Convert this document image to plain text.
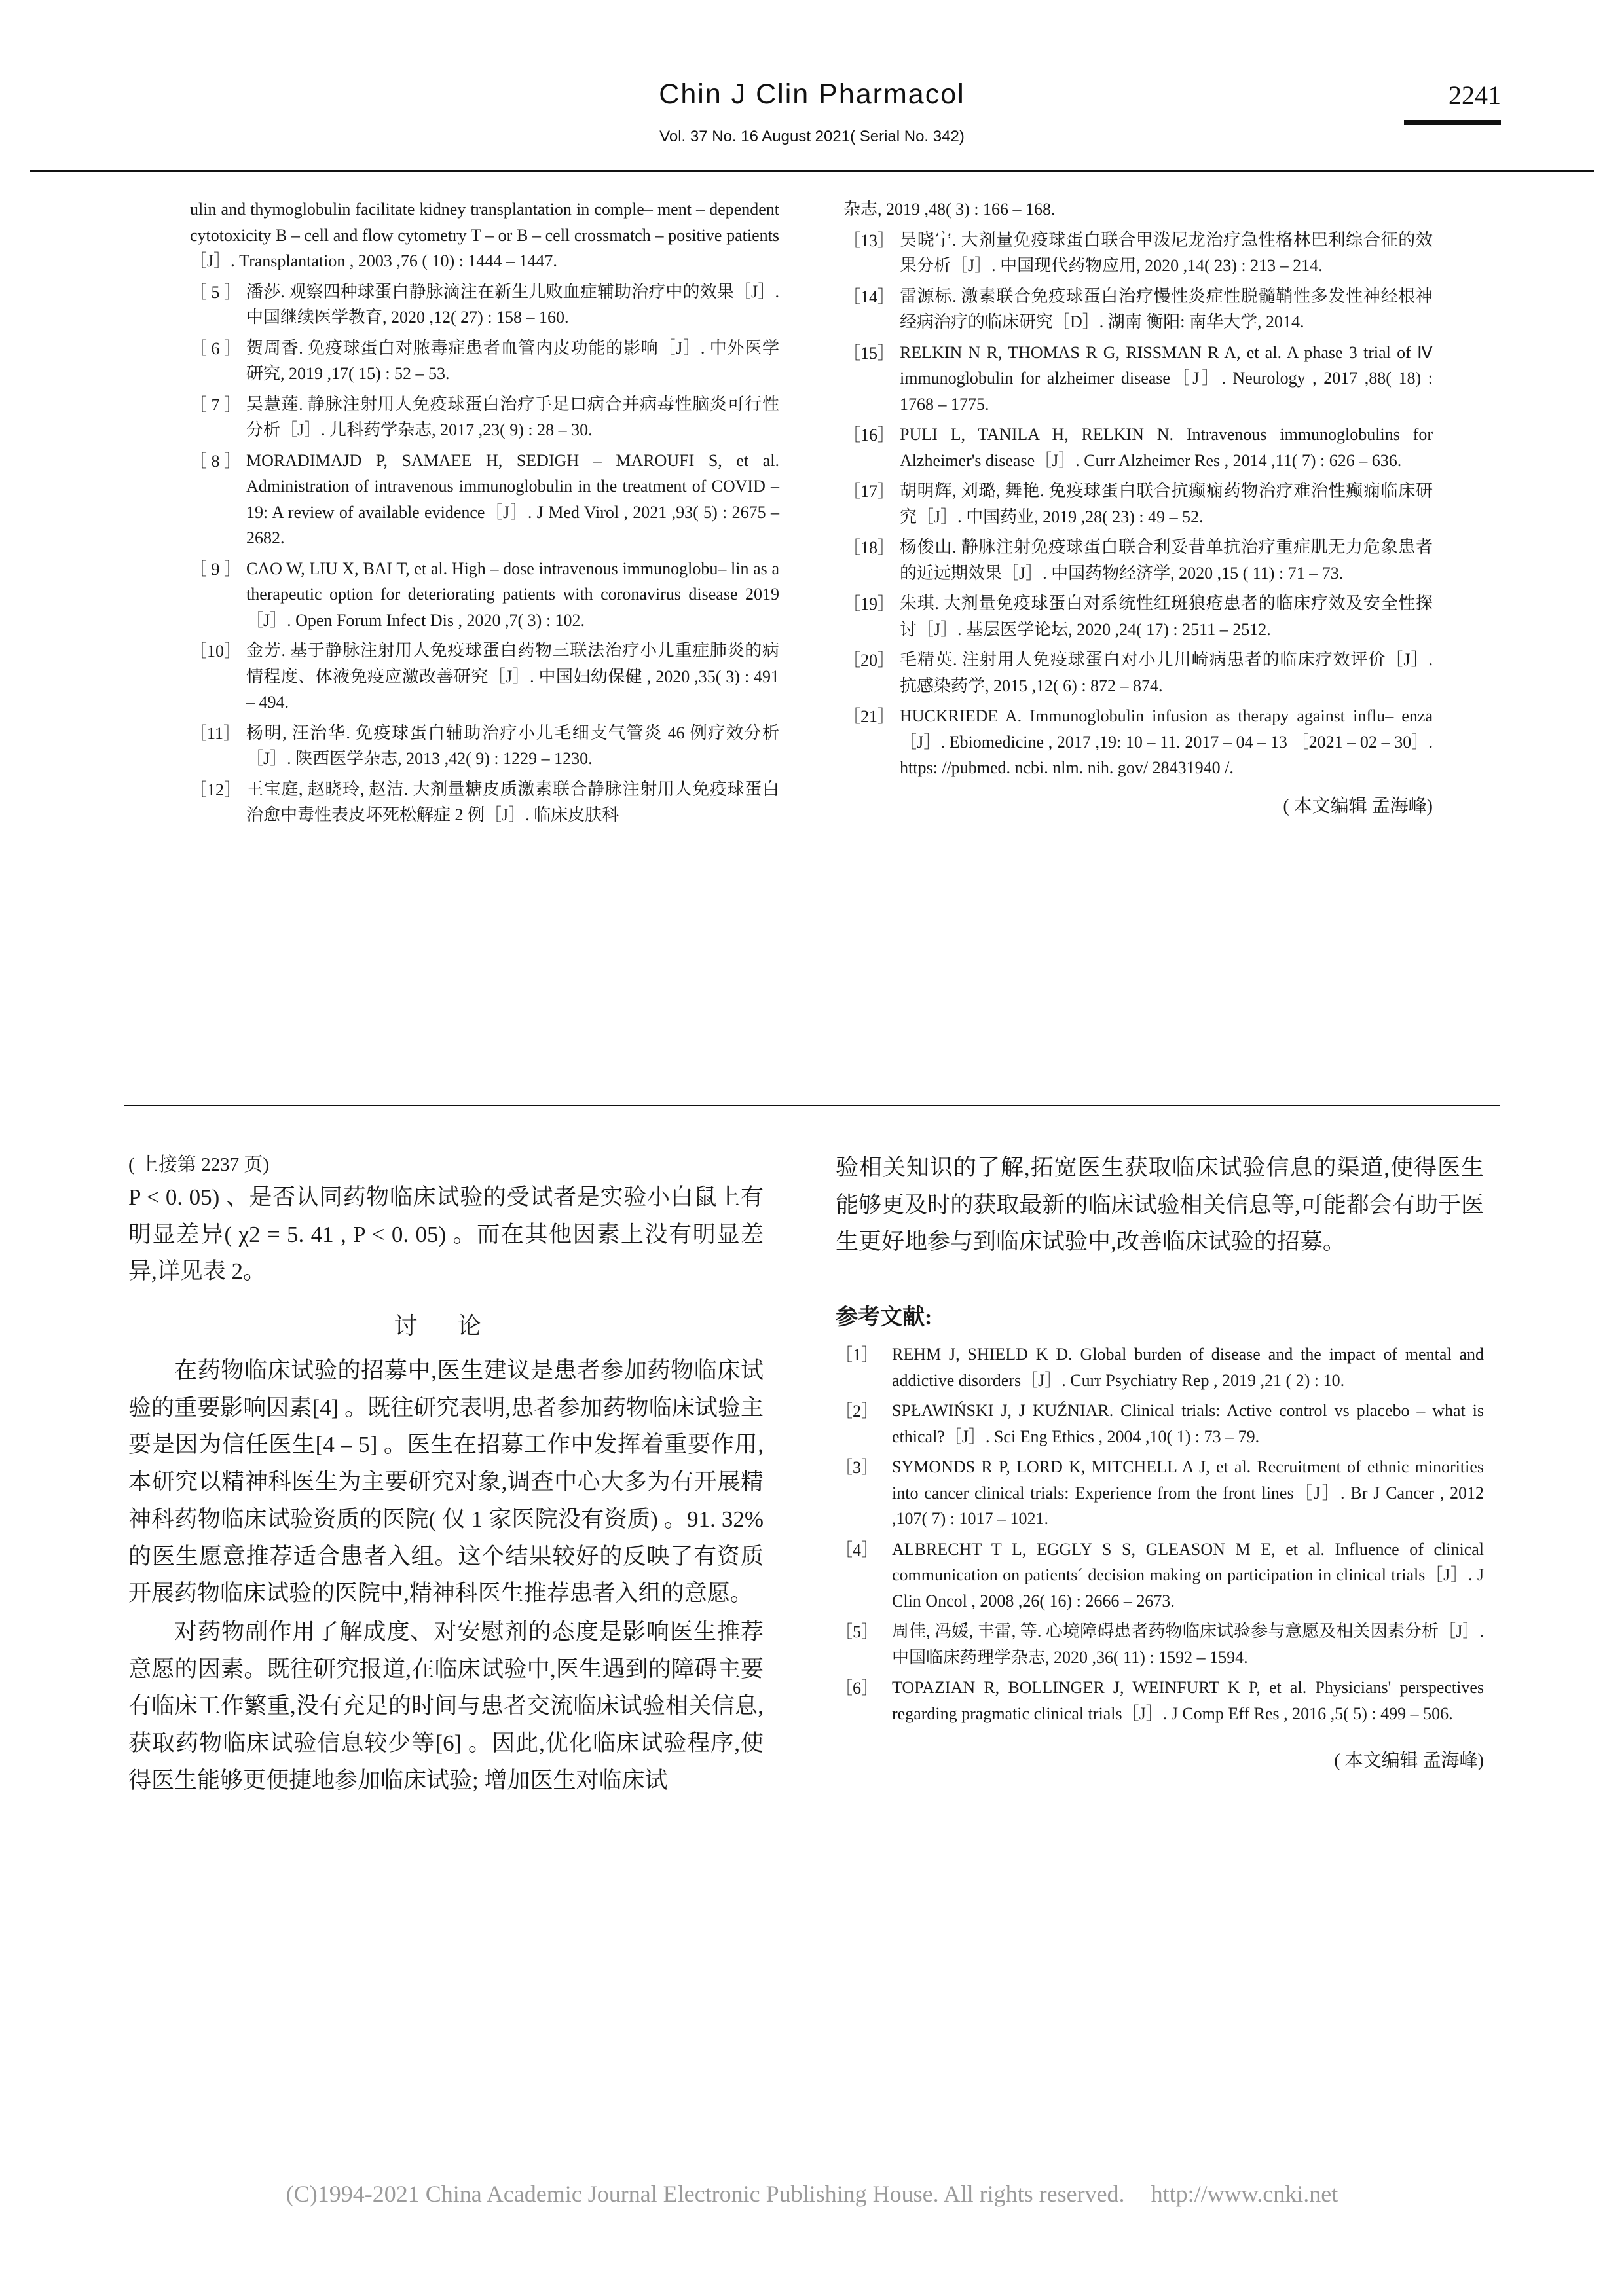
Chin J Clin Pharmacol
Vol. 37 No. 16 August 2021( Serial No. 342)
2241
ulin and thymoglobulin facilitate kidney transplantation in comple– ment – dependent cytotoxicity B – cell and flow cytometry T – or B – cell crossmatch – positive patients［J］. Transplantation , 2003 ,76 ( 10) : 1444 – 1447.
［ 5 ］ 潘莎. 观察四种球蛋白静脉滴注在新生儿败血症辅助治疗中的效果［J］. 中国继续医学教育, 2020 ,12( 27) : 158 – 160.
［ 6 ］ 贺周香. 免疫球蛋白对脓毒症患者血管内皮功能的影响［J］. 中外医学研究, 2019 ,17( 15) : 52 – 53.
［ 7 ］ 吴慧莲. 静脉注射用人免疫球蛋白治疗手足口病合并病毒性脑炎可行性分析［J］. 儿科药学杂志, 2017 ,23( 9) : 28 – 30.
［ 8 ］ MORADIMAJD P, SAMAEE H, SEDIGH – MAROUFI S, et al. Administration of intravenous immunoglobulin in the treatment of COVID – 19: A review of available evidence［J］. J Med Virol , 2021 ,93( 5) : 2675 – 2682.
［ 9 ］ CAO W, LIU X, BAI T, et al. High – dose intravenous immunoglobu– lin as a therapeutic option for deteriorating patients with coronavirus disease 2019［J］. Open Forum Infect Dis , 2020 ,7( 3) : 102.
［10］ 金芳. 基于静脉注射用人免疫球蛋白药物三联法治疗小儿重症肺炎的病情程度、体液免疫应激改善研究［J］. 中国妇幼保健 , 2020 ,35( 3) : 491 – 494.
［11］ 杨明, 汪治华. 免疫球蛋白辅助治疗小儿毛细支气管炎 46 例疗效分析［J］. 陕西医学杂志, 2013 ,42( 9) : 1229 – 1230.
［12］ 王宝庭, 赵晓玲, 赵洁. 大剂量糖皮质激素联合静脉注射用人免疫球蛋白治愈中毒性表皮坏死松解症 2 例［J］. 临床皮肤科
杂志, 2019 ,48( 3) : 166 – 168.
［13］ 吴晓宁. 大剂量免疫球蛋白联合甲泼尼龙治疗急性格林巴利综合征的效果分析［J］. 中国现代药物应用, 2020 ,14( 23) : 213 – 214.
［14］ 雷源标. 激素联合免疫球蛋白治疗慢性炎症性脱髓鞘性多发性神经根神经病治疗的临床研究［D］. 湖南 衡阳: 南华大学, 2014.
［15］ RELKIN N R, THOMAS R G, RISSMAN R A, et al. A phase 3 trial of Ⅳ immunoglobulin for alzheimer disease［J］. Neurology , 2017 ,88( 18) : 1768 – 1775.
［16］ PULI L, TANILA H, RELKIN N. Intravenous immunoglobulins for Alzheimer's disease［J］. Curr Alzheimer Res , 2014 ,11( 7) : 626 – 636.
［17］ 胡明辉, 刘璐, 舞艳. 免疫球蛋白联合抗癫痫药物治疗难治性癫痫临床研究［J］. 中国药业, 2019 ,28( 23) : 49 – 52.
［18］ 杨俊山. 静脉注射免疫球蛋白联合利妥昔单抗治疗重症肌无力危象患者的近远期效果［J］. 中国药物经济学, 2020 ,15 ( 11) : 71 – 73.
［19］ 朱琪. 大剂量免疫球蛋白对系统性红斑狼疮患者的临床疗效及安全性探讨［J］. 基层医学论坛, 2020 ,24( 17) : 2511 – 2512.
［20］ 毛精英. 注射用人免疫球蛋白对小儿川崎病患者的临床疗效评价［J］. 抗感染药学, 2015 ,12( 6) : 872 – 874.
［21］ HUCKRIEDE A. Immunoglobulin infusion as therapy against influ– enza［J］. Ebiomedicine , 2017 ,19: 10 – 11. 2017 – 04 – 13 ［2021 – 02 – 30］. https: //pubmed. ncbi. nlm. nih. gov/ 28431940 /.
( 本文编辑 孟海峰)
( 上接第 2237 页)

P < 0. 05) 、是否认同药物临床试验的受试者是实验小白鼠上有明显差异( χ2 = 5. 41 , P < 0. 05) 。而在其他因素上没有明显差异,详见表 2。

讨 论

在药物临床试验的招募中,医生建议是患者参加药物临床试验的重要影响因素[4] 。既往研究表明,患者参加药物临床试验主要是因为信任医生[4 – 5] 。医生在招募工作中发挥着重要作用,本研究以精神科医生为主要研究对象,调查中心大多为有开展精神科药物临床试验资质的医院( 仅 1 家医院没有资质) 。91. 32% 的医生愿意推荐适合患者入组。这个结果较好的反映了有资质开展药物临床试验的医院中,精神科医生推荐患者入组的意愿。

对药物副作用了解成度、对安慰剂的态度是影响医生推荐意愿的因素。既往研究报道,在临床试验中,医生遇到的障碍主要有临床工作繁重,没有充足的时间与患者交流临床试验相关信息,获取药物临床试验信息较少等[6] 。因此,优化临床试验程序,使得医生能够更便捷地参加临床试验; 增加医生对临床试

验相关知识的了解,拓宽医生获取临床试验信息的渠道,使得医生能够更及时的获取最新的临床试验相关信息等,可能都会有助于医生更好地参与到临床试验中,改善临床试验的招募。

参考文献:
［1］ REHM J, SHIELD K D. Global burden of disease and the impact of mental and addictive disorders［J］. Curr Psychiatry Rep , 2019 ,21 ( 2) : 10.
［2］ SPŁAWIŃSKI J, J KUŹNIAR. Clinical trials: Active control vs placebo – what is ethical?［J］. Sci Eng Ethics , 2004 ,10( 1) : 73 – 79.
［3］ SYMONDS R P, LORD K, MITCHELL A J, et al. Recruitment of ethnic minorities into cancer clinical trials: Experience from the front lines［J］. Br J Cancer , 2012 ,107( 7) : 1017 – 1021.
［4］ ALBRECHT T L, EGGLY S S, GLEASON M E, et al. Influence of clinical communication on patients´ decision making on participation in clinical trials［J］. J Clin Oncol , 2008 ,26( 16) : 2666 – 2673.
［5］ 周佳, 冯媛, 丰雷, 等. 心境障碍患者药物临床试验参与意愿及相关因素分析［J］. 中国临床药理学杂志, 2020 ,36( 11) : 1592 – 1594.
［6］ TOPAZIAN R, BOLLINGER J, WEINFURT K P, et al. Physicians' perspectives regarding pragmatic clinical trials［J］. J Comp Eff Res , 2016 ,5( 5) : 499 – 506.
( 本文编辑 孟海峰)
(C)1994-2021 China Academic Journal Electronic Publishing House. All rights reserved. http://www.cnki.net
